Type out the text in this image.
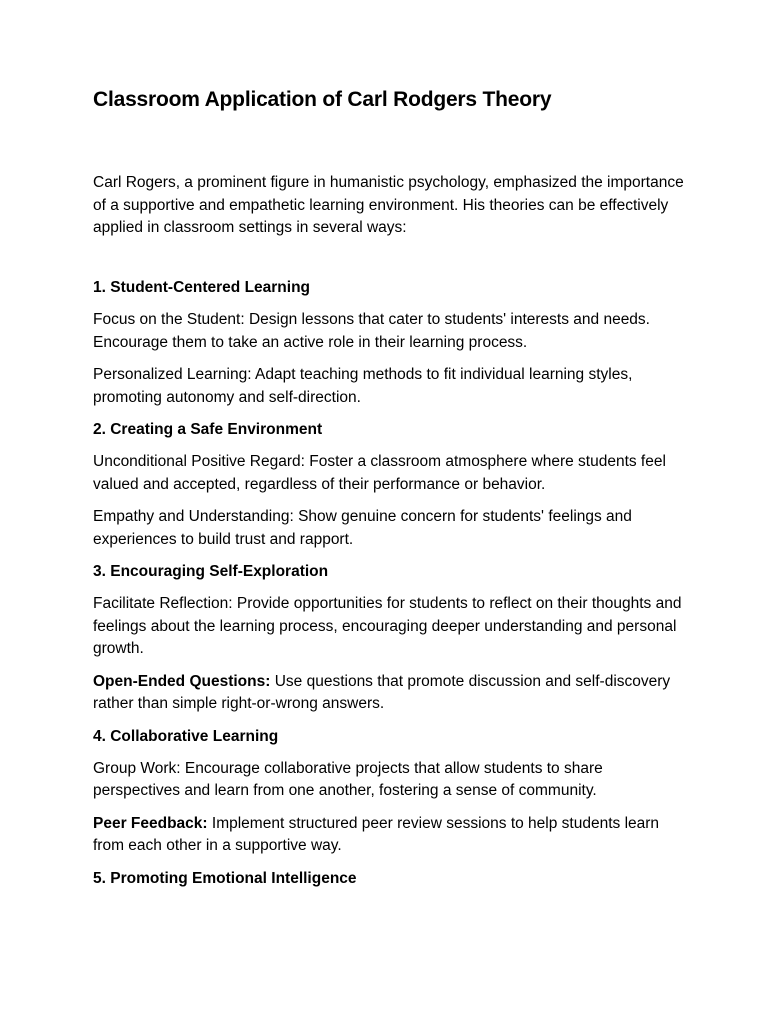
Classroom Application of Carl Rodgers Theory

Carl Rogers, a prominent figure in humanistic psychology, emphasized the importance of a supportive and empathetic learning environment. His theories can be effectively applied in classroom settings in several ways:

1. Student-Centered Learning

Focus on the Student: Design lessons that cater to students' interests and needs. Encourage them to take an active role in their learning process.

Personalized Learning: Adapt teaching methods to fit individual learning styles, promoting autonomy and self-direction.

2. Creating a Safe Environment

Unconditional Positive Regard: Foster a classroom atmosphere where students feel valued and accepted, regardless of their performance or behavior.

Empathy and Understanding: Show genuine concern for students' feelings and experiences to build trust and rapport.

3. Encouraging Self-Exploration

Facilitate Reflection: Provide opportunities for students to reflect on their thoughts and feelings about the learning process, encouraging deeper understanding and personal growth.

Open-Ended Questions: Use questions that promote discussion and self-discovery rather than simple right-or-wrong answers.

4. Collaborative Learning

Group Work: Encourage collaborative projects that allow students to share perspectives and learn from one another, fostering a sense of community.

Peer Feedback: Implement structured peer review sessions to help students learn from each other in a supportive way.

5. Promoting Emotional Intelligence
